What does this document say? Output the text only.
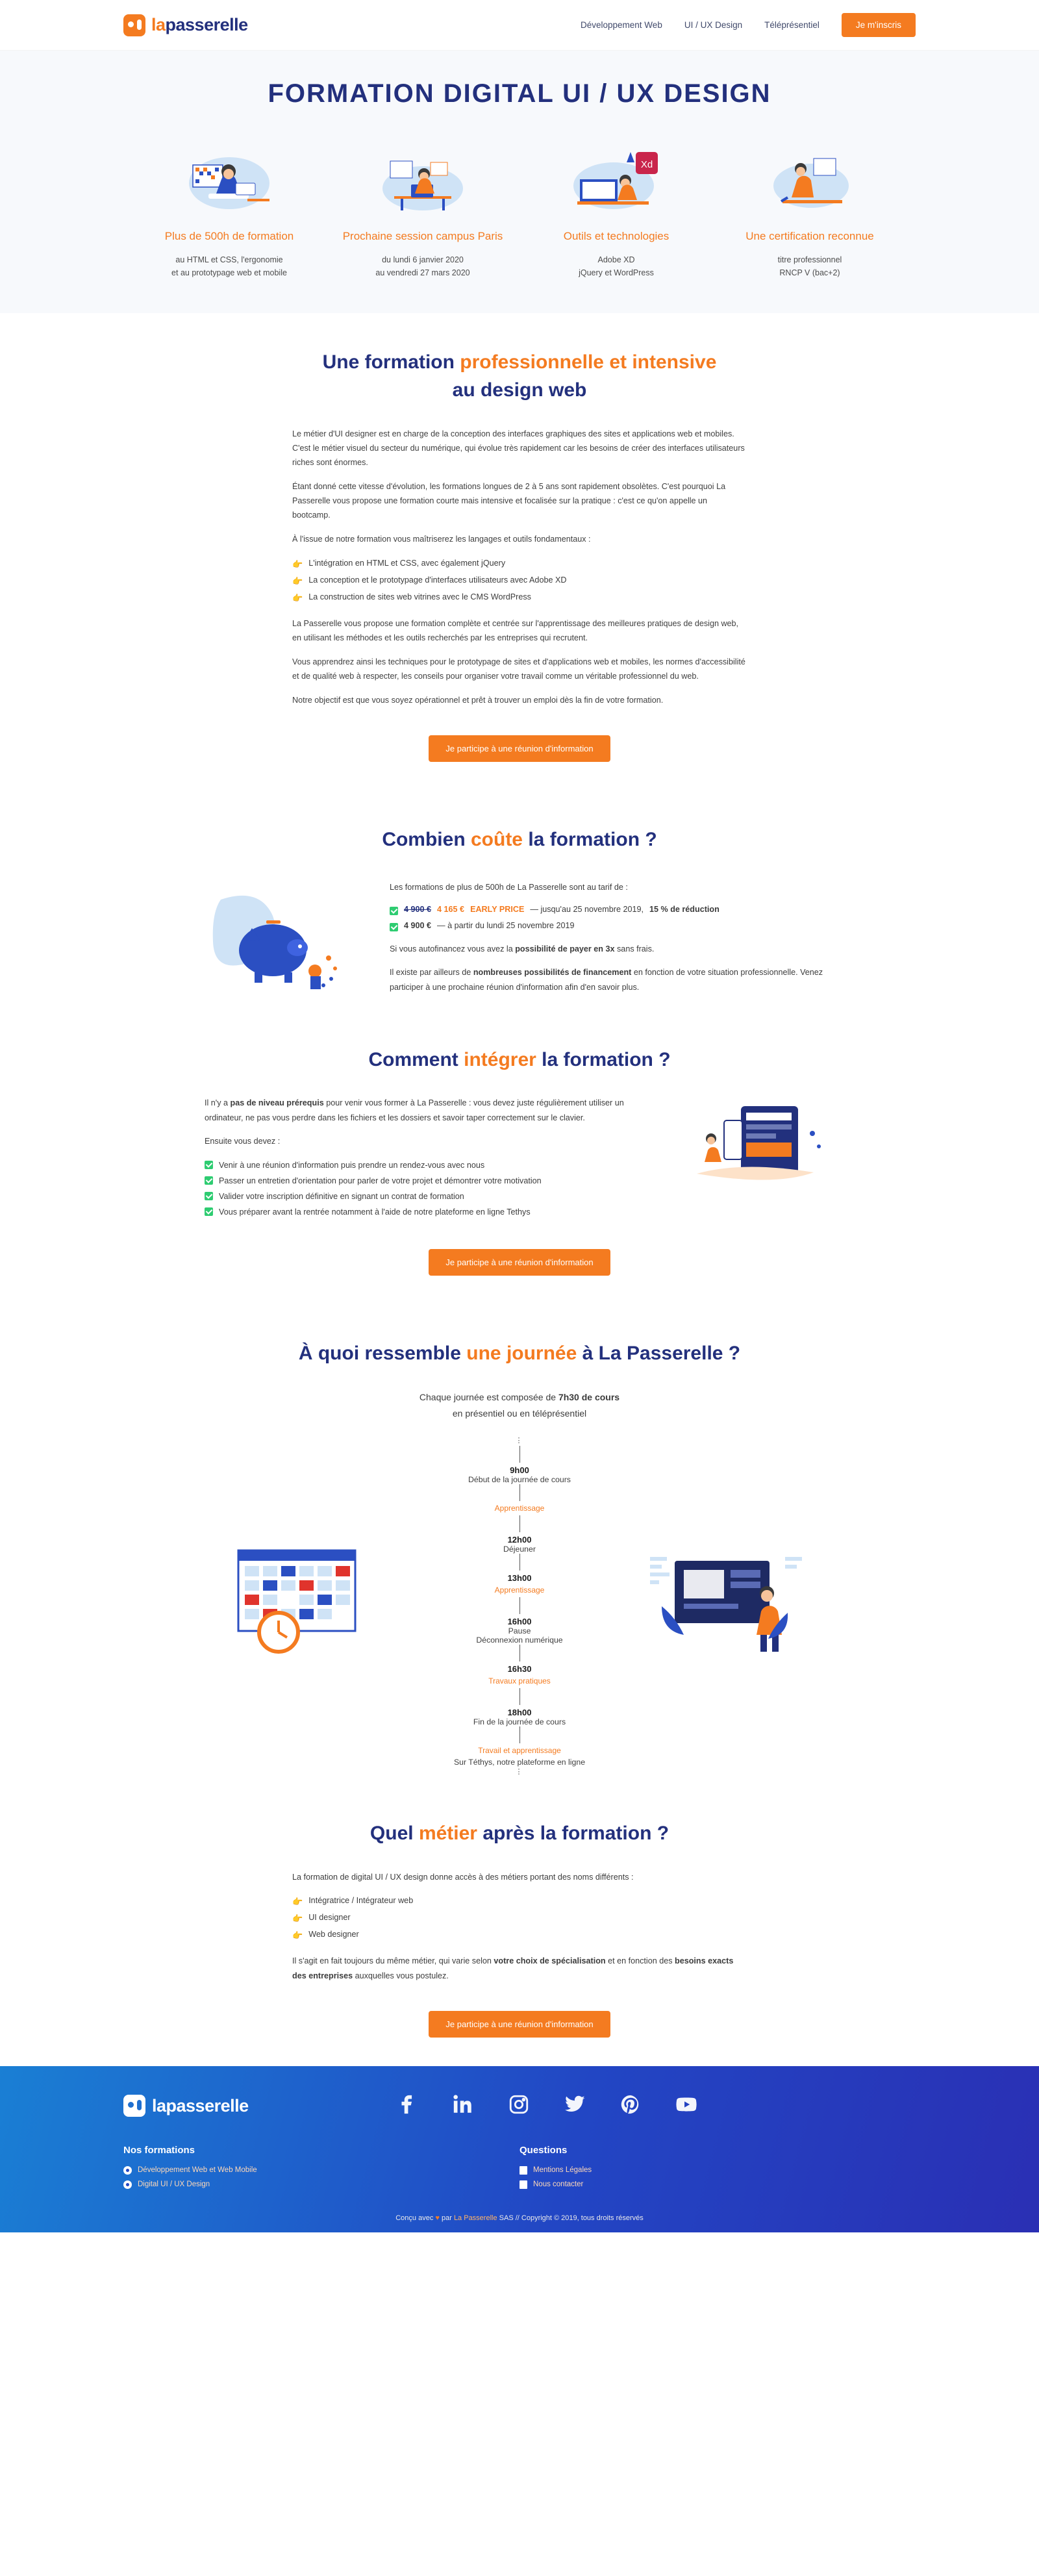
lapasserelle	Développement Web	UI / UX Design	Téléprésentiel	Je m'inscris
FORMATION DIGITAL UI / UX DESIGN
Plus de 500h de formation
au HTML et CSS, l'ergonomie
et au prototypage web et mobile
Prochaine session campus Paris
du lundi 6 janvier 2020
au vendredi 27 mars 2020
Xd
Outils et technologies
Adobe XD
jQuery et WordPress
Une certification reconnue
titre professionnel
RNCP V (bac+2)
Une formation professionnelle et intensive
au design web

Le métier d'UI designer est en charge de la conception des interfaces graphiques des sites et applications web et mobiles. C'est le métier visuel du secteur du numérique, qui évolue très rapidement car les besoins de créer des interfaces utilisateurs riches sont énormes.

Étant donné cette vitesse d'évolution, les formations longues de 2 à 5 ans sont rapidement obsolètes. C'est pourquoi La Passerelle vous propose une formation courte mais intensive et focalisée sur la pratique : c'est ce qu'on appelle un bootcamp.

À l'issue de notre formation vous maîtriserez les langages et outils fondamentaux :

👉 L'intégration en HTML et CSS, avec également jQuery
👉 La conception et le prototypage d'interfaces utilisateurs avec Adobe XD
👉 La construction de sites web vitrines avec le CMS WordPress

La Passerelle vous propose une formation complète et centrée sur l'apprentissage des meilleures pratiques de design web, en utilisant les méthodes et les outils recherchés par les entreprises qui recrutent.

Vous apprendrez ainsi les techniques pour le prototypage de sites et d'applications web et mobiles, les normes d'accessibilité et de qualité web à respecter, les conseils pour organiser votre travail comme un véritable professionnel du web.

Notre objectif est que vous soyez opérationnel et prêt à trouver un emploi dès la fin de votre formation.

Je participe à une réunion d'information
Combien coûte la formation ?

Les formations de plus de 500h de La Passerelle sont au tarif de :

4 900 € 4 165 € EARLY PRICE — jusqu'au 25 novembre 2019, 15 % de réduction
4 900 € — à partir du lundi 25 novembre 2019

Si vous autofinancez vous avez la possibilité de payer en 3x sans frais.

Il existe par ailleurs de nombreuses possibilités de financement en fonction de votre situation professionnelle. Venez participer à une prochaine réunion d'information afin d'en savoir plus.

Comment intégrer la formation ?

Il n'y a pas de niveau prérequis pour venir vous former à La Passerelle : vous devez juste régulièrement utiliser un ordinateur, ne pas vous perdre dans les fichiers et les dossiers et savoir taper correctement sur le clavier.

Ensuite vous devez :

Venir à une réunion d'information puis prendre un rendez-vous avec nous
Passer un entretien d'orientation pour parler de votre projet et démontrer votre motivation
Valider votre inscription définitive en signant un contrat de formation
Vous préparer avant la rentrée notamment à l'aide de notre plateforme en ligne Tethys
Je participe à une réunion d'information
À quoi ressemble une journée à La Passerelle ?
Chaque journée est composée de 7h30 de cours
en présentiel ou en téléprésentiel
⋮
9h00
Début de la journée de cours
Apprentissage
12h00
Déjeuner
13h00
Apprentissage
16h00
Pause
Déconnexion numérique
16h30
Travaux pratiques
18h00
Fin de la journée de cours
Travail et apprentissage
Sur Téthys, notre plateforme en ligne
⋮
Quel métier après la formation ?

La formation de digital UI / UX design donne accès à des métiers portant des noms différents :

👉 Intégratrice / Intégrateur web
👉 UI designer
👉 Web designer

Il s'agit en fait toujours du même métier, qui varie selon votre choix de spécialisation et en fonction des besoins exacts des entreprises auxquelles vous postulez.

Je participe à une réunion d'information
lapasserelle
Nos formations
Développement Web et Web Mobile
Digital UI / UX Design
Questions
Mentions Légales
Nous contacter
Conçu avec ♥ par La Passerelle SAS // Copyright © 2019, tous droits réservés
